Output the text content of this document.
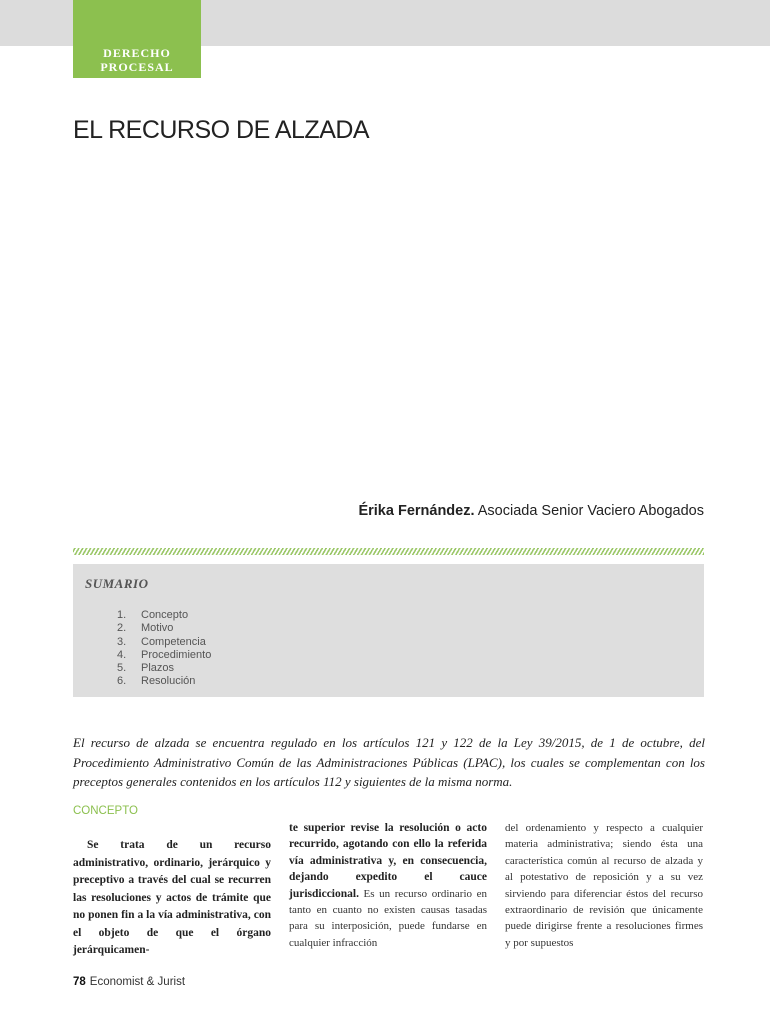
DERECHO
PROCESAL
EL RECURSO DE ALZADA
Érika Fernández. Asociada Senior Vaciero Abogados
SUMARIO
1. Concepto
2. Motivo
3. Competencia
4. Procedimiento
5. Plazos
6. Resolución

El recurso de alzada se encuentra regulado en los artículos 121 y 122 de la Ley 39/2015, de 1 de octubre, del Procedimiento Administrativo Común de las Administraciones Públicas (LPAC), los cuales se complementan con los preceptos generales contenidos en los artículos 112 y siguientes de la misma norma.

CONCEPTO

Se trata de un recurso administrativo, ordinario, jerárquico y preceptivo a través del cual se recurren las resoluciones y actos de trámite que no ponen fin a la vía administrativa, con el objeto de que el órgano jerárquicamen-

te superior revise la resolución o acto recurrido, agotando con ello la referida vía administrativa y, en consecuencia, dejando expedito el cauce jurisdiccional. Es un recurso ordinario en tanto en cuanto no existen causas tasadas para su interposición, puede fundarse en cualquier infracción

del ordenamiento y respecto a cualquier materia administrativa; siendo ésta una característica común al recurso de alzada y al potestativo de reposición y a su vez sirviendo para diferenciar éstos del recurso extraordinario de revisión que únicamente puede dirigirse frente a resoluciones firmes y por supuestos

78 Economist & Jurist
